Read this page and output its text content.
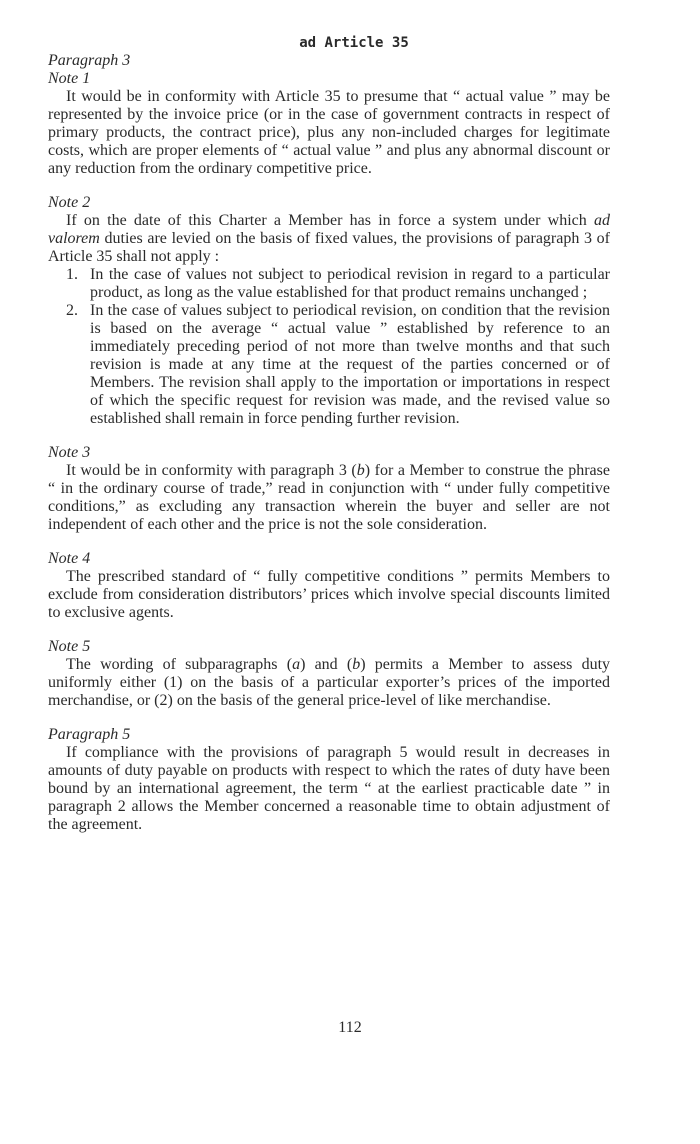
ad Article 35

Paragraph 3

Note 1

It would be in conformity with Article 35 to presume that “ actual value ” may be represented by the invoice price (or in the case of government contracts in respect of primary products, the contract price), plus any non-included charges for legitimate costs, which are proper elements of “ actual value ” and plus any abnormal discount or any reduction from the ordinary competitive price.

Note 2

If on the date of this Charter a Member has in force a system under which ad valorem duties are levied on the basis of fixed values, the provisions of paragraph 3 of Article 35 shall not apply :

1. In the case of values not subject to periodical revision in regard to a particular product, as long as the value established for that product remains unchanged ;

2. In the case of values subject to periodical revision, on condition that the revision is based on the average “ actual value ” established by reference to an immediately preceding period of not more than twelve months and that such revision is made at any time at the request of the parties concerned or of Members. The revision shall apply to the importation or importations in respect of which the specific request for revision was made, and the revised value so established shall remain in force pending further revision.

Note 3

It would be in conformity with paragraph 3 (b) for a Member to construe the phrase “ in the ordinary course of trade,” read in conjunction with “ under fully competitive conditions,” as excluding any transaction wherein the buyer and seller are not independent of each other and the price is not the sole consideration.

Note 4

The prescribed standard of “ fully competitive conditions ” permits Members to exclude from consideration distributors’ prices which involve special discounts limited to exclusive agents.

Note 5

The wording of subparagraphs (a) and (b) permits a Member to assess duty uniformly either (1) on the basis of a particular exporter’s prices of the imported merchandise, or (2) on the basis of the general price-level of like merchandise.

Paragraph 5

If compliance with the provisions of paragraph 5 would result in decreases in amounts of duty payable on products with respect to which the rates of duty have been bound by an international agreement, the term “ at the earliest practicable date ” in paragraph 2 allows the Member concerned a reasonable time to obtain adjustment of the agreement.

112
